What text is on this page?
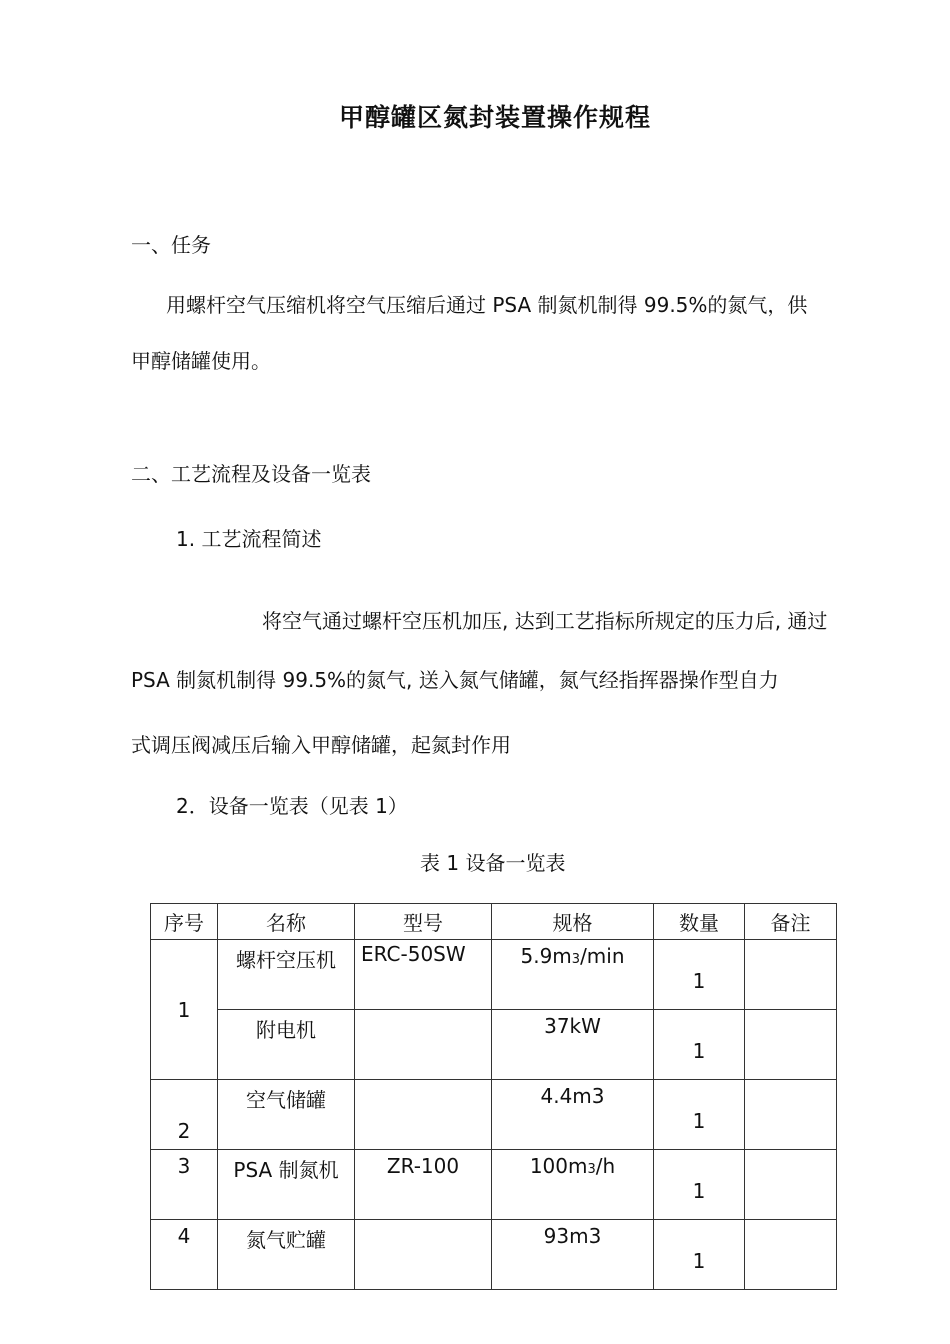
甲醇罐区氮封装置操作规程
一、任务
用螺杆空气压缩机将空气压缩后通过 PSA 制氮机制得 99.5%的氮气，供
甲醇储罐使用。
二、工艺流程及设备一览表
1. 工艺流程简述
将空气通过螺杆空压机加压, 达到工艺指标所规定的压力后, 通过
PSA 制氮机制得 99.5%的氮气, 送入氮气储罐，氮气经指挥器操作型自力
式调压阀减压后输入甲醇储罐，起氮封作用
2．设备一览表（见表 1）
表 1 设备一览表
序号	名称	型号	规格	数量	备注
1	螺杆空压机	ERC-50SW	5.9m3/min	1	
	附电机		37kW	1	
2	空气储罐		4.4m3	1	
3	PSA 制氮机	ZR-100	100m3/h	1	
4	氮气贮罐		93m3	1	
